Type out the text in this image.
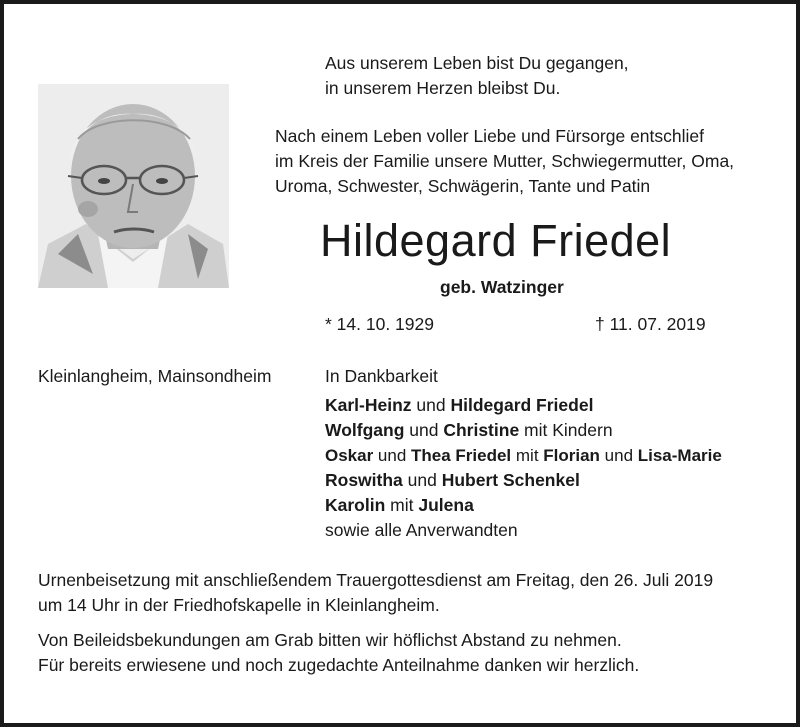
Aus unserem Leben bist Du gegangen,
in unserem Herzen bleibst Du.
Nach einem Leben voller Liebe und Fürsorge entschlief
im Kreis der Familie unsere Mutter, Schwiegermutter, Oma,
Uroma, Schwester, Schwägerin, Tante und Patin
Hildegard Friedel
geb. Watzinger
* 14. 10. 1929	† 11. 07. 2019
Kleinlangheim, Mainsondheim	In Dankbarkeit
Karl-Heinz und Hildegard Friedel
Wolfgang und Christine mit Kindern
Oskar und Thea Friedel mit Florian und Lisa-Marie
Roswitha und Hubert Schenkel
Karolin mit Julena
sowie alle Anverwandten
Urnenbeisetzung mit anschließendem Trauergottesdienst am Freitag, den 26. Juli 2019
um 14 Uhr in der Friedhofskapelle in Kleinlangheim.
Von Beileidsbekundungen am Grab bitten wir höflichst Abstand zu nehmen.
Für bereits erwiesene und noch zugedachte Anteilnahme danken wir herzlich.
